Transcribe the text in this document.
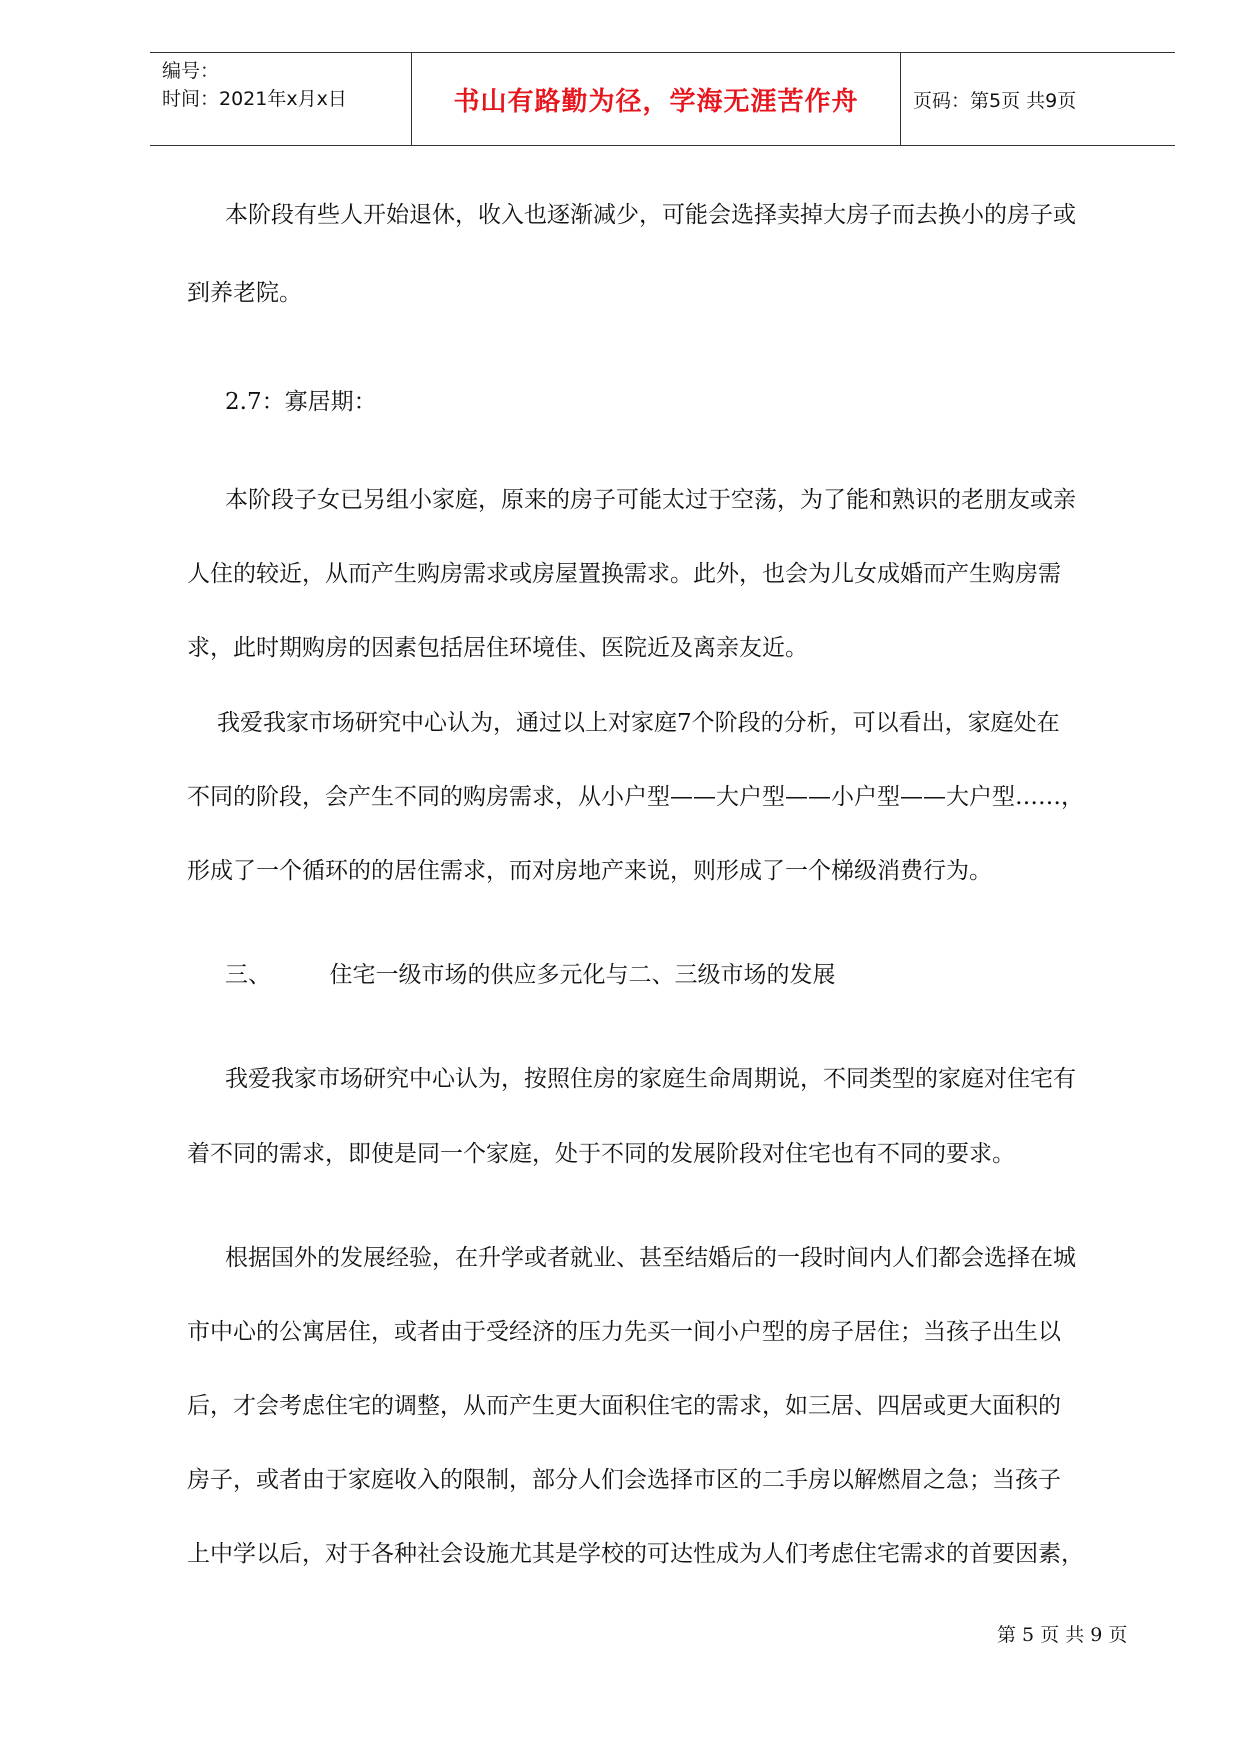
编号：
时间：2021年x月x日	书山有路勤为径，学海无涯苦作舟	页码：第5页 共9页
本阶段有些人开始退休，收入也逐渐减少，可能会选择卖掉大房子而去换小的房子或
到养老院。
2.7：寡居期：
本阶段子女已另组小家庭，原来的房子可能太过于空荡，为了能和熟识的老朋友或亲
人住的较近，从而产生购房需求或房屋置换需求。此外，也会为儿女成婚而产生购房需
求，此时期购房的因素包括居住环境佳、医院近及离亲友近。
我爱我家市场研究中心认为，通过以上对家庭7个阶段的分析，可以看出，家庭处在
不同的阶段，会产生不同的购房需求，从小户型——大户型——小户型——大户型……，
形成了一个循环的的居住需求，而对房地产来说，则形成了一个梯级消费行为。
三、        住宅一级市场的供应多元化与二、三级市场的发展
我爱我家市场研究中心认为，按照住房的家庭生命周期说，不同类型的家庭对住宅有
着不同的需求，即使是同一个家庭，处于不同的发展阶段对住宅也有不同的要求。
根据国外的发展经验，在升学或者就业、甚至结婚后的一段时间内人们都会选择在城
市中心的公寓居住，或者由于受经济的压力先买一间小户型的房子居住；当孩子出生以
后，才会考虑住宅的调整，从而产生更大面积住宅的需求，如三居、四居或更大面积的
房子，或者由于家庭收入的限制，部分人们会选择市区的二手房以解燃眉之急；当孩子
上中学以后，对于各种社会设施尤其是学校的可达性成为人们考虑住宅需求的首要因素，
第 5 页 共 9 页
